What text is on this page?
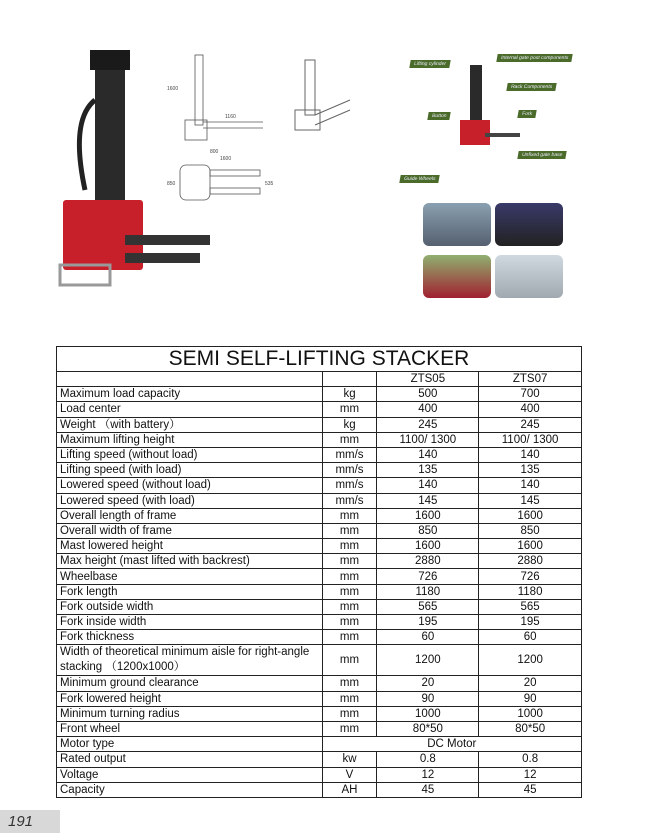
1600
1160
800
1600
850	535
Lifting cylinder
Internal gate post components
Rack Components
Button	Fork
Unfixed gate base
Guide Wheels
SEMI SELF-LIFTING STACKER			
		ZTS05	ZTS07
Maximum load capacity	kg	500	700
Load center	mm	400	400
Weight （with battery）	kg	245	245
Maximum lifting height	mm	1100/ 1300	1100/ 1300
Lifting speed (without load)	mm/s	140	140
Lifting speed (with load)	mm/s	135	135
Lowered speed (without load)	mm/s	140	140
Lowered speed (with load)	mm/s	145	145
Overall length of frame	mm	1600	1600
Overall width of frame	mm	850	850
Mast lowered height	mm	1600	1600
Max height (mast lifted with backrest)	mm	2880	2880
Wheelbase	mm	726	726
Fork length	mm	1180	1180
Fork outside width	mm	565	565
Fork inside width	mm	195	195
Fork thickness	mm	60	60
Width of theoretical minimum aisle for right-angle stacking （1200x1000）	mm	1200	1200
Minimum ground clearance	mm	20	20
Fork lowered height	mm	90	90
Minimum turning radius	mm	1000	1000
Front wheel	mm	80*50	80*50
Motor type	DC Motor		
Rated output	kw	0.8	0.8
Voltage	V	12	12
Capacity	AH	45	45
191
